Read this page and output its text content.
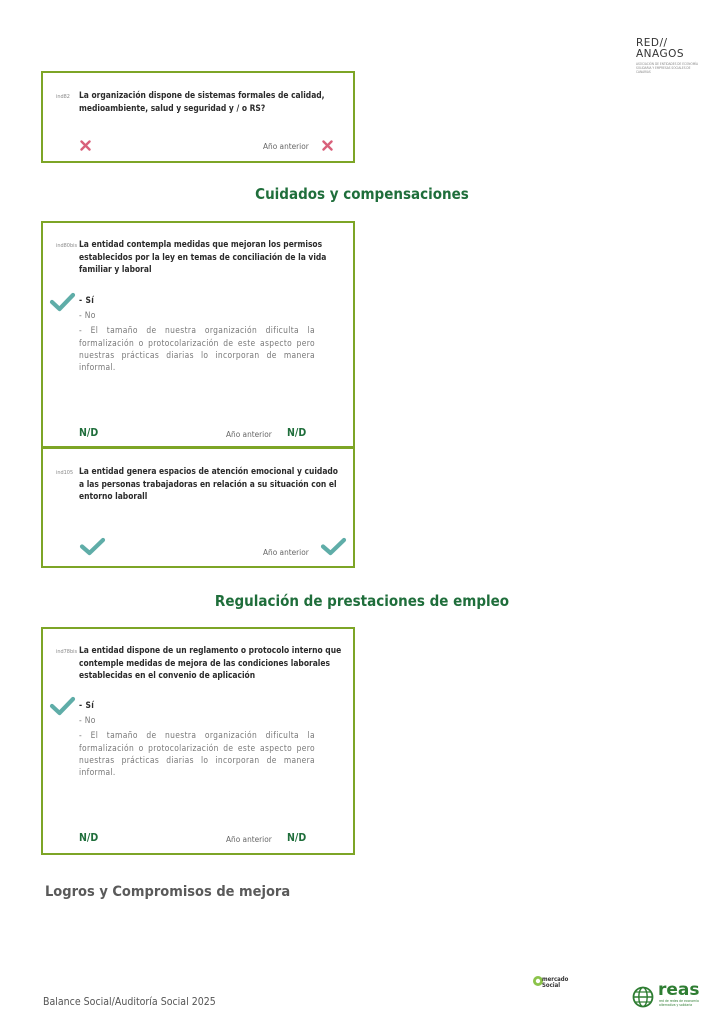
RED//
ANAGOS
ASOCIACIÓN DE ENTIDADES DE ECONOMÍA SOLIDARIA Y EMPRESAS SOCIALES DE CANARIAS
ind82 La organización dispone de sistemas formales de calidad, medioambiente, salud y seguridad y / o RS?
Año anterior
Cuidados y compensaciones
ind80bis La entidad contempla medidas que mejoran los permisos establecidos por la ley en temas de conciliación de la vida familiar y laboral
- Sí
- No
- El tamaño de nuestra organización dificulta la formalización o protocolarización de este aspecto pero nuestras prácticas diarias lo incorporan de manera informal.
N/D	Año anterior N/D
ind105 La entidad genera espacios de atención emocional y cuidado a las personas trabajadoras en relación a su situación con el entorno laborall
Año anterior
Regulación de prestaciones de empleo
ind78bis La entidad dispone de un reglamento o protocolo interno que contemple medidas de mejora de las condiciones laborales establecidas en el convenio de aplicación
- Sí
- No
- El tamaño de nuestra organización dificulta la formalización o protocolarización de este aspecto pero nuestras prácticas diarias lo incorporan de manera informal.
N/D	Año anterior N/D
Logros y Compromisos de mejora
Balance Social/Auditoría Social 2025
mercado
Social	reas
red de redes de economía alternativa y solidaria
